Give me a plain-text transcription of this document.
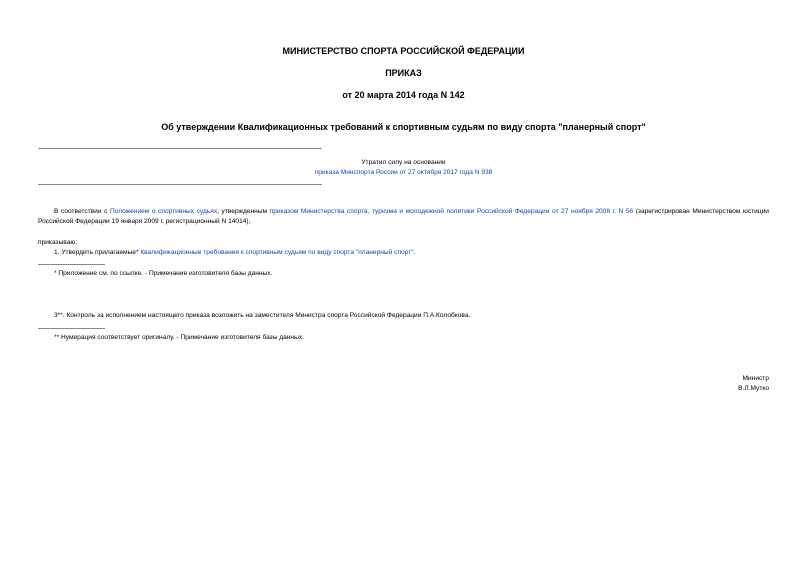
МИНИСТЕРСТВО СПОРТА РОССИЙСКОЙ ФЕДЕРАЦИИ
ПРИКАЗ
от 20 марта 2014 года N 142
Об утверждении Квалификационных требований к спортивным судьям по виду спорта "планерный спорт"
Утратил силу на основании
приказа Минспорта России от 27 октября 2017 года N 938
В соответствии с Положением о спортивных судьях, утвержденным приказом Министерства спорта, туризма и молодежной политики Российской Федерации от 27 ноября 2008 г. N 56 (зарегистрирован Министерством юстиции Российской Федерации 19 января 2009 г. регистрационный N 14014),
приказываю:
1. Утвердить прилагаемые* Квалификационные требования к спортивным судьям по виду спорта "планерный спорт".
* Приложение см. по ссылке. - Примечание изготовителя базы данных.
3**. Контроль за исполнением настоящего приказа возложить на заместителя Министра спорта Российской Федерации П.А.Колобкова.
** Нумерация соответствует оригиналу. - Примечание изготовителя базы данных.
Министр
В.Л.Мутко
